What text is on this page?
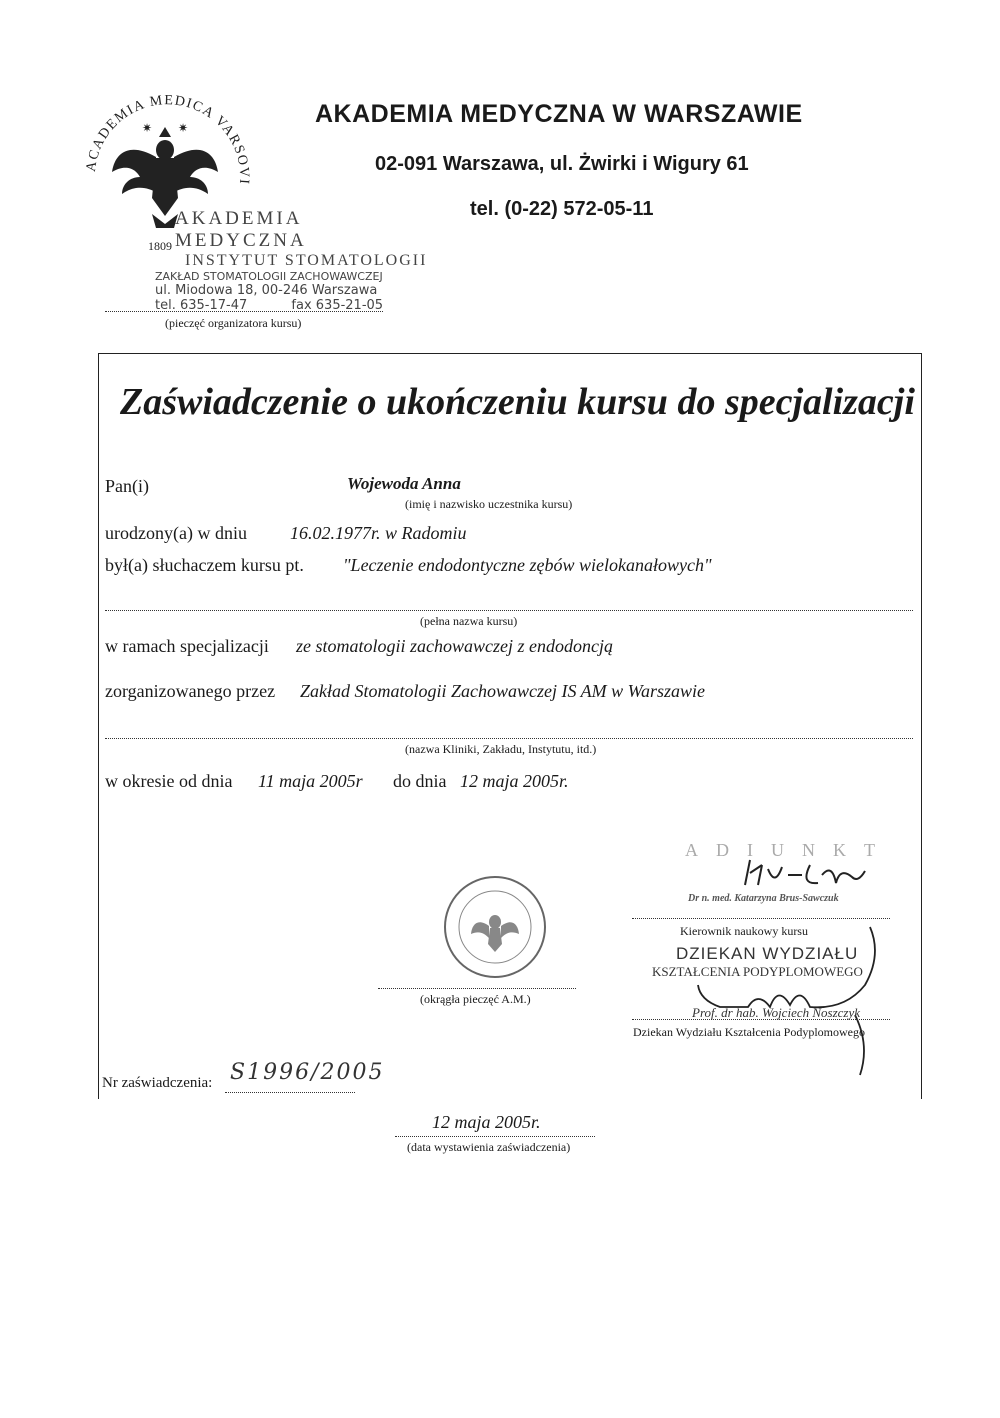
ACADEMIA MEDICA VARSOVI
✷ ✷
1809
AKADEMIA MEDYCZNA W WARSZAWIE
02-091 Warszawa, ul. Żwirki i Wigury 61
tel. (0-22) 572-05-11
AKADEMIA MEDYCZNA
INSTYTUT STOMATOLOGII
ZAKŁAD STOMATOLOGII ZACHOWAWCZEJ
ul. Miodowa 18, 00-246 Warszawa
tel. 635-17-47	fax 635-21-05
(pieczęć organizatora kursu)
Zaświadczenie o ukończeniu kursu do specjalizacji
Pan(i)	Wojewoda Anna
(imię i nazwisko uczestnika kursu)
urodzony(a) w dniu 16.02.1977r. w Radomiu
był(a) słuchaczem kursu pt. "Leczenie endodontyczne zębów wielokanałowych"
(pełna nazwa kursu)
w ramach specjalizacji ze stomatologii zachowawczej z endodoncją
zorganizowanego przez Zakład Stomatologii Zachowawczej IS AM w Warszawie
(nazwa Kliniki, Zakładu, Instytutu, itd.)
w okresie od dnia 11 maja 2005r do dnia 12 maja 2005r.
(okrągła pieczęć A.M.)
ADIUNKT
Dr n. med. Katarzyna Brus-Sawczuk
Kierownik naukowy kursu
DZIEKAN WYDZIAŁU
KSZTAŁCENIA PODYPLOMOWEGO
Prof. dr hab. Wojciech Noszczyk
Dziekan Wydziału Kształcenia Podyplomowego
Nr zaświadczenia: S1996/2005
12 maja 2005r.
(data wystawienia zaświadczenia)
